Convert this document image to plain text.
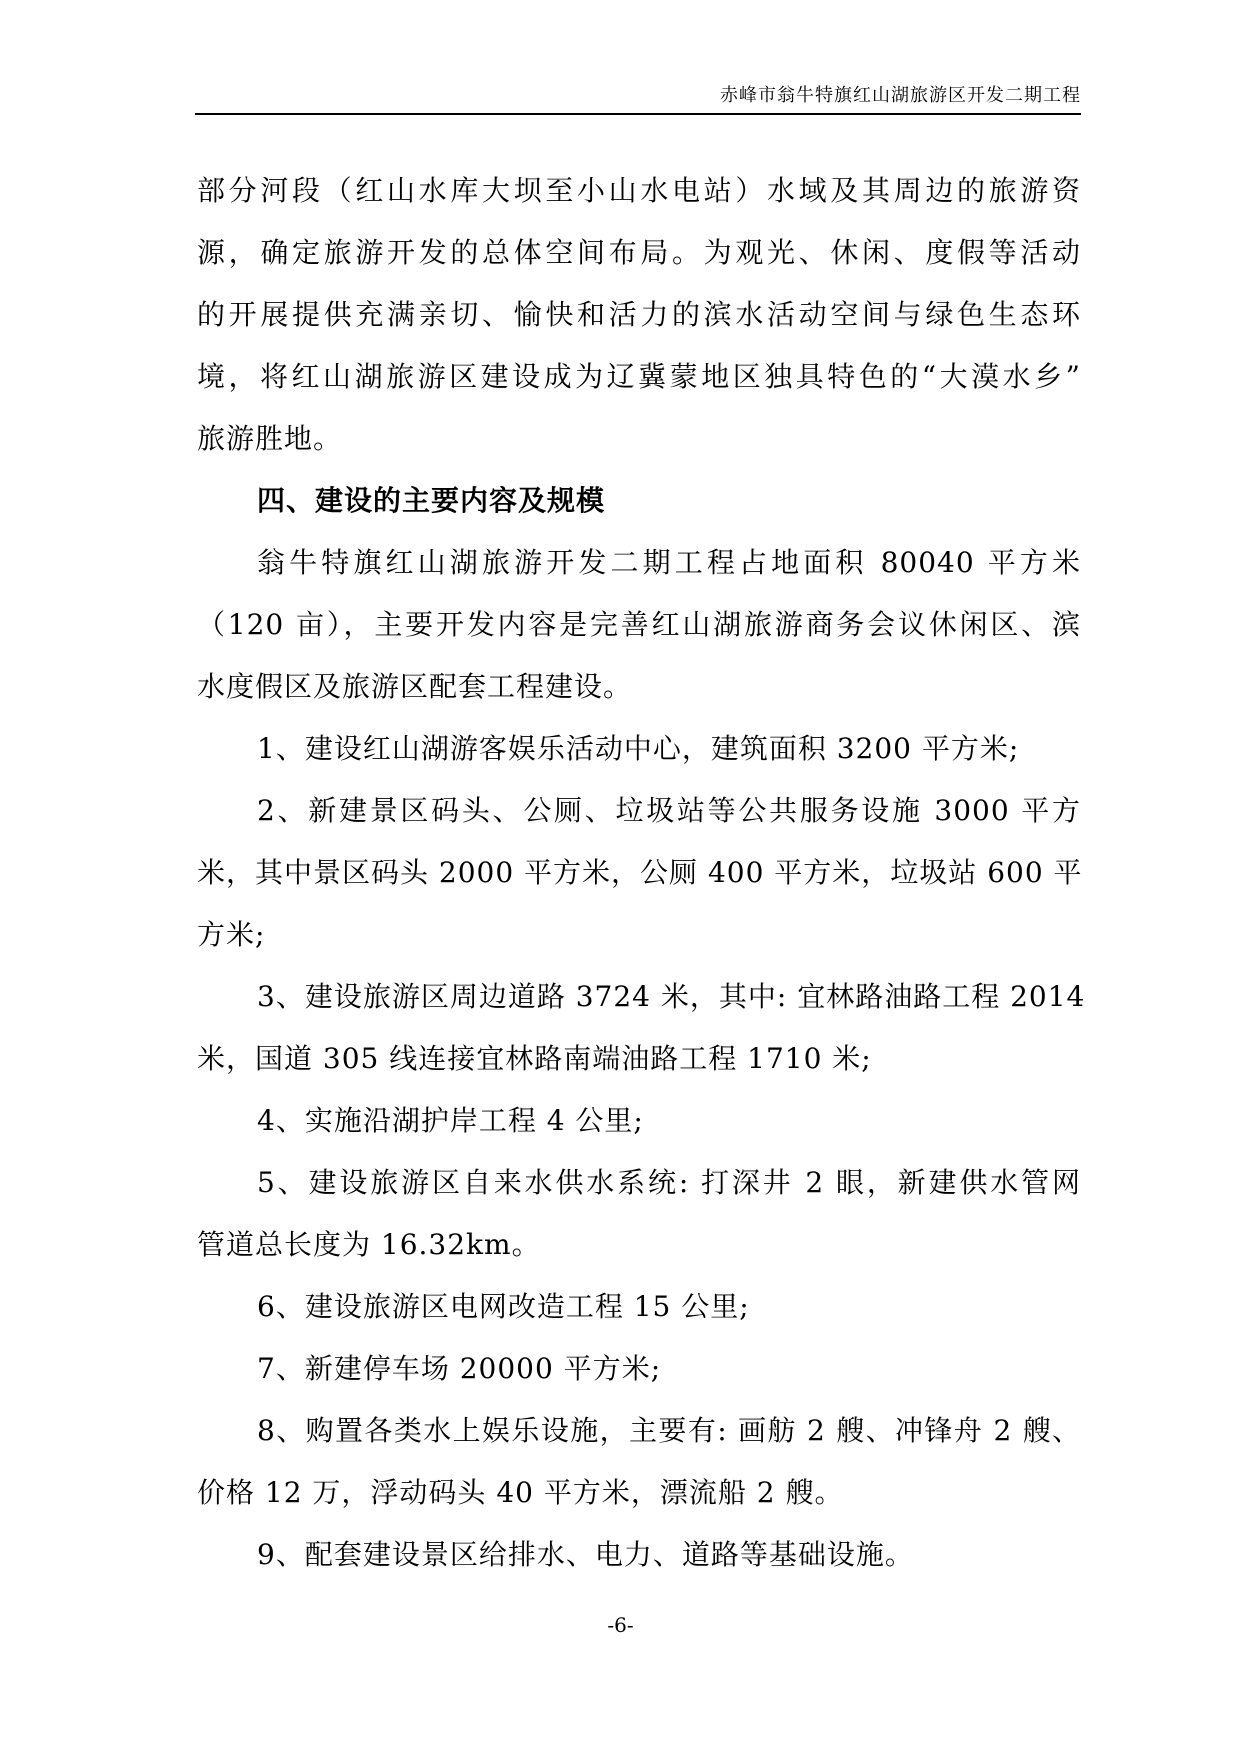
赤峰市翁牛特旗红山湖旅游区开发二期工程
部分河段（红山水库大坝至小山水电站）水域及其周边的旅游资
源，确定旅游开发的总体空间布局。为观光、休闲、度假等活动
的开展提供充满亲切、愉快和活力的滨水活动空间与绿色生态环
境，将红山湖旅游区建设成为辽冀蒙地区独具特色的“大漠水乡”
旅游胜地。
四、建设的主要内容及规模
翁牛特旗红山湖旅游开发二期工程占地面积 80040 平方米
（120 亩），主要开发内容是完善红山湖旅游商务会议休闲区、滨
水度假区及旅游区配套工程建设。
1、建设红山湖游客娱乐活动中心，建筑面积 3200 平方米;
2、新建景区码头、公厕、垃圾站等公共服务设施 3000 平方
米，其中景区码头 2000 平方米，公厕 400 平方米，垃圾站 600 平
方米;
3、建设旅游区周边道路 3724 米，其中: 宜林路油路工程 2014
米，国道 305 线连接宜林路南端油路工程 1710 米;
4、实施沿湖护岸工程 4 公里;
5、建设旅游区自来水供水系统: 打深井 2 眼，新建供水管网
管道总长度为 16.32km。
6、建设旅游区电网改造工程 15 公里;
7、新建停车场 20000 平方米;
8、购置各类水上娱乐设施，主要有: 画舫 2 艘、冲锋舟 2 艘、
价格 12 万，浮动码头 40 平方米，漂流船 2 艘。
9、配套建设景区给排水、电力、道路等基础设施。
-6-
